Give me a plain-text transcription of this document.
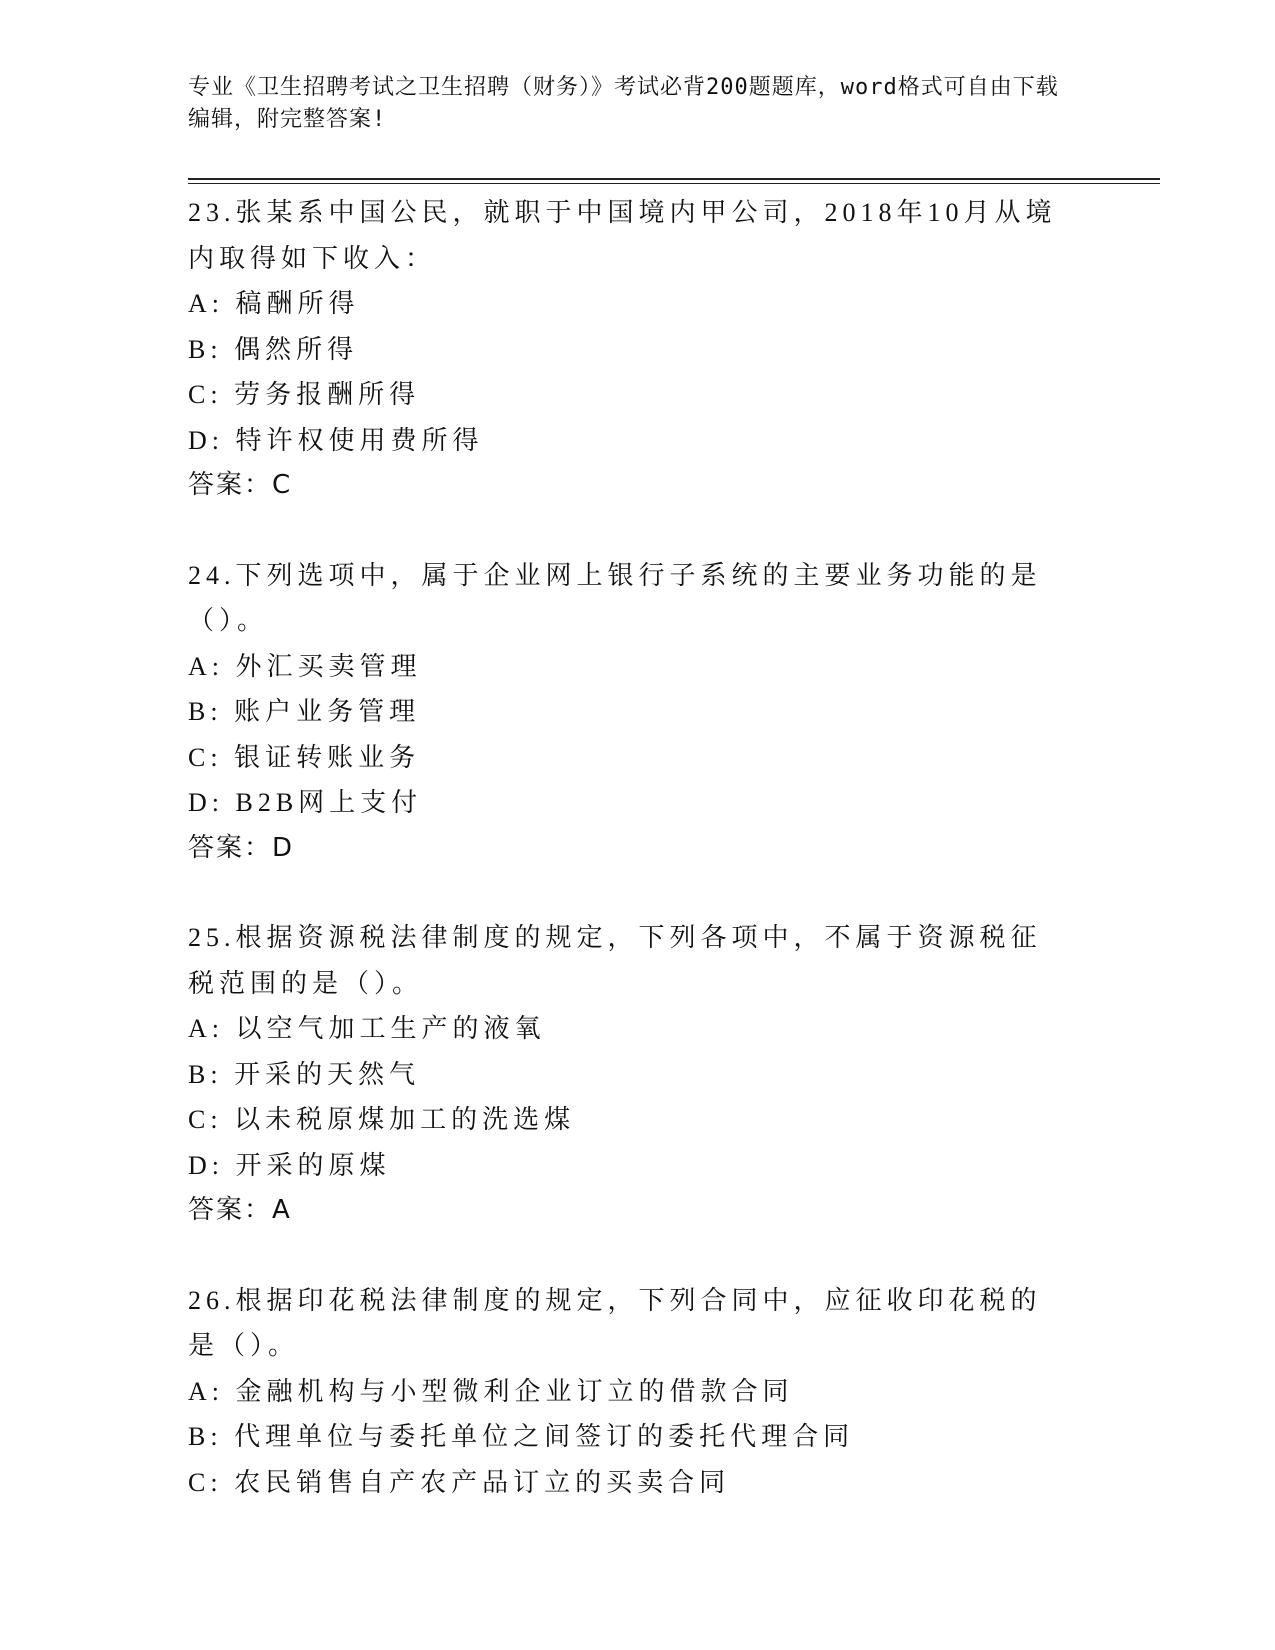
专业《卫生招聘考试之卫生招聘（财务）》考试必背200题题库，word格式可自由下载编辑，附完整答案!
23.张某系中国公民，就职于中国境内甲公司，2018年10月从境内取得如下收入：
A: 稿酬所得
B: 偶然所得
C: 劳务报酬所得
D: 特许权使用费所得
答案：C
24.下列选项中，属于企业网上银行子系统的主要业务功能的是（）。
A: 外汇买卖管理
B: 账户业务管理
C: 银证转账业务
D: B2B网上支付
答案：D
25.根据资源税法律制度的规定，下列各项中，不属于资源税征税范围的是（）。
A: 以空气加工生产的液氧
B: 开采的天然气
C: 以未税原煤加工的洗选煤
D: 开采的原煤
答案：A
26.根据印花税法律制度的规定，下列合同中，应征收印花税的是（）。
A: 金融机构与小型微利企业订立的借款合同
B: 代理单位与委托单位之间签订的委托代理合同
C: 农民销售自产农产品订立的买卖合同
